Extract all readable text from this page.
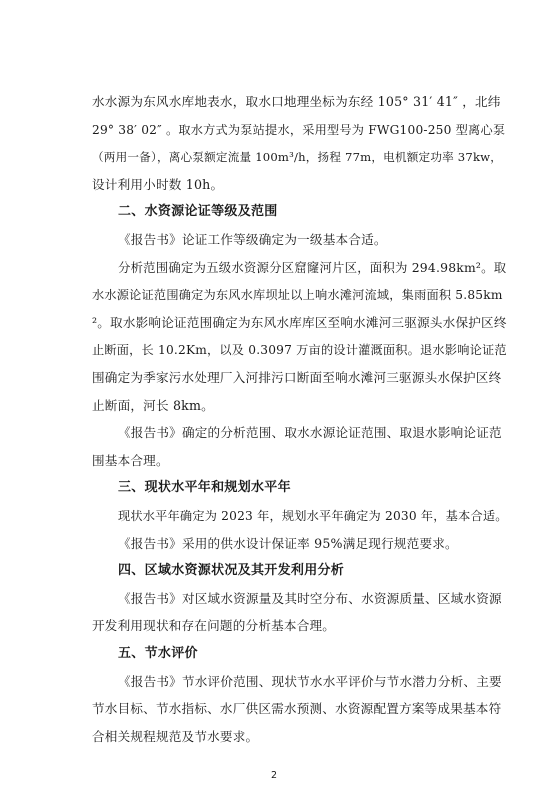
水水源为东风水库地表水，取水口地理坐标为东经 105° 31′ 41″ ，北纬
29° 38′ 02″ 。取水方式为泵站提水，采用型号为 FWG100-250 型离心泵
（两用一备），离心泵额定流量 100m³/h，扬程 77m，电机额定功率 37kw，
设计利用小时数 10h。
二、水资源论证等级及范围
《报告书》论证工作等级确定为一级基本合适。
分析范围确定为五级水资源分区窟窿河片区，面积为 294.98km²。取
水水源论证范围确定为东风水库坝址以上响水滩河流域，集雨面积 5.85km
²。取水影响论证范围确定为东风水库库区至响水滩河三驱源头水保护区终
止断面，长 10.2Km，以及 0.3097 万亩的设计灌溉面积。退水影响论证范
围确定为季家污水处理厂入河排污口断面至响水滩河三驱源头水保护区终
止断面，河长 8km。
《报告书》确定的分析范围、取水水源论证范围、取退水影响论证范
围基本合理。
三、现状水平年和规划水平年
现状水平年确定为 2023 年，规划水平年确定为 2030 年，基本合适。
《报告书》采用的供水设计保证率 95%满足现行规范要求。
四、区域水资源状况及其开发利用分析
《报告书》对区域水资源量及其时空分布、水资源质量、区域水资源
开发利用现状和存在问题的分析基本合理。
五、节水评价
《报告书》节水评价范围、现状节水水平评价与节水潜力分析、主要
节水目标、节水指标、水厂供区需水预测、水资源配置方案等成果基本符
合相关规程规范及节水要求。
2
